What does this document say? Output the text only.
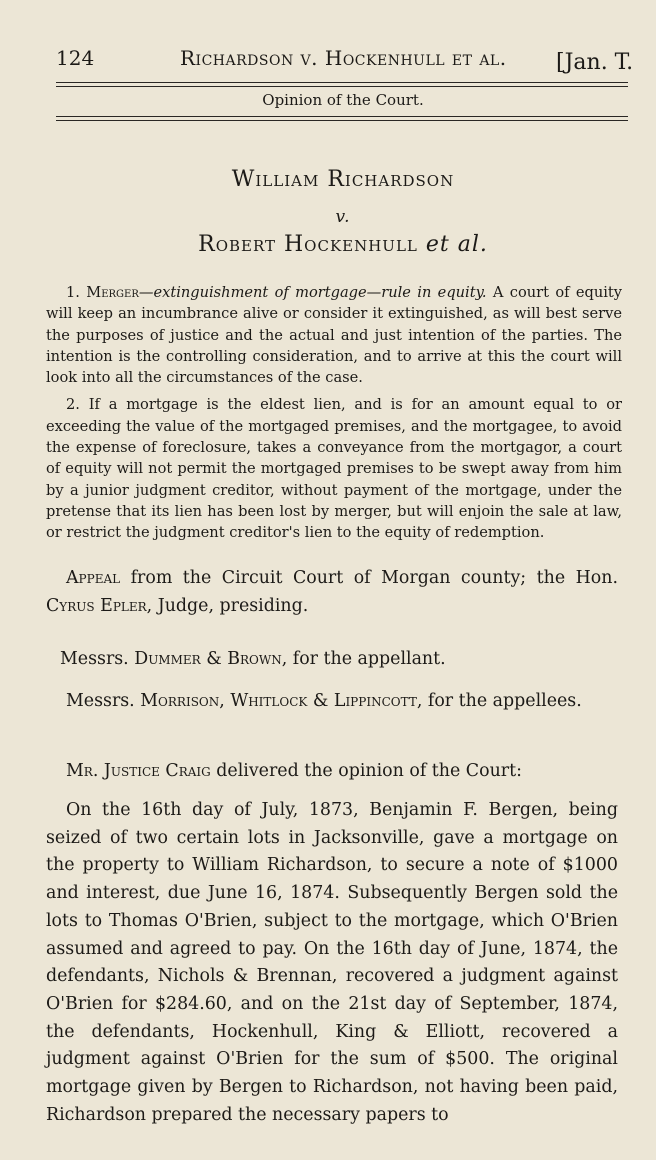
124	Richardson v. Hockenhull et al. [Jan. T.
Opinion of the Court.
William Richardson
v.
Robert Hockenhull et al.

1. Merger—extinguishment of mortgage—rule in equity. A court of equity will keep an incumbrance alive or consider it extinguished, as will best serve the purposes of justice and the actual and just intention of the parties. The intention is the controlling consideration, and to arrive at this the court will look into all the circumstances of the case.

2. If a mortgage is the eldest lien, and is for an amount equal to or exceeding the value of the mortgaged premises, and the mortgagee, to avoid the expense of foreclosure, takes a conveyance from the mortgagor, a court of equity will not permit the mortgaged premises to be swept away from him by a junior judgment creditor, without payment of the mortgage, under the pretense that its lien has been lost by merger, but will enjoin the sale at law, or restrict the judgment creditor's lien to the equity of redemption.

Appeal from the Circuit Court of Morgan county; the Hon. Cyrus Epler, Judge, presiding.
Messrs. Dummer & Brown, for the appellant.
Messrs. Morrison, Whitlock & Lippincott, for the appellees.
Mr. Justice Craig delivered the opinion of the Court:
On the 16th day of July, 1873, Benjamin F. Bergen, being seized of two certain lots in Jacksonville, gave a mortgage on the property to William Richardson, to secure a note of $1000 and interest, due June 16, 1874. Subsequently Bergen sold the lots to Thomas O'Brien, subject to the mortgage, which O'Brien assumed and agreed to pay. On the 16th day of June, 1874, the defendants, Nichols & Brennan, recovered a judgment against O'Brien for $284.60, and on the 21st day of September, 1874, the defendants, Hockenhull, King & Elliott, recovered a judgment against O'Brien for the sum of $500. The original mortgage given by Bergen to Richardson, not having been paid, Richardson prepared the necessary papers to
